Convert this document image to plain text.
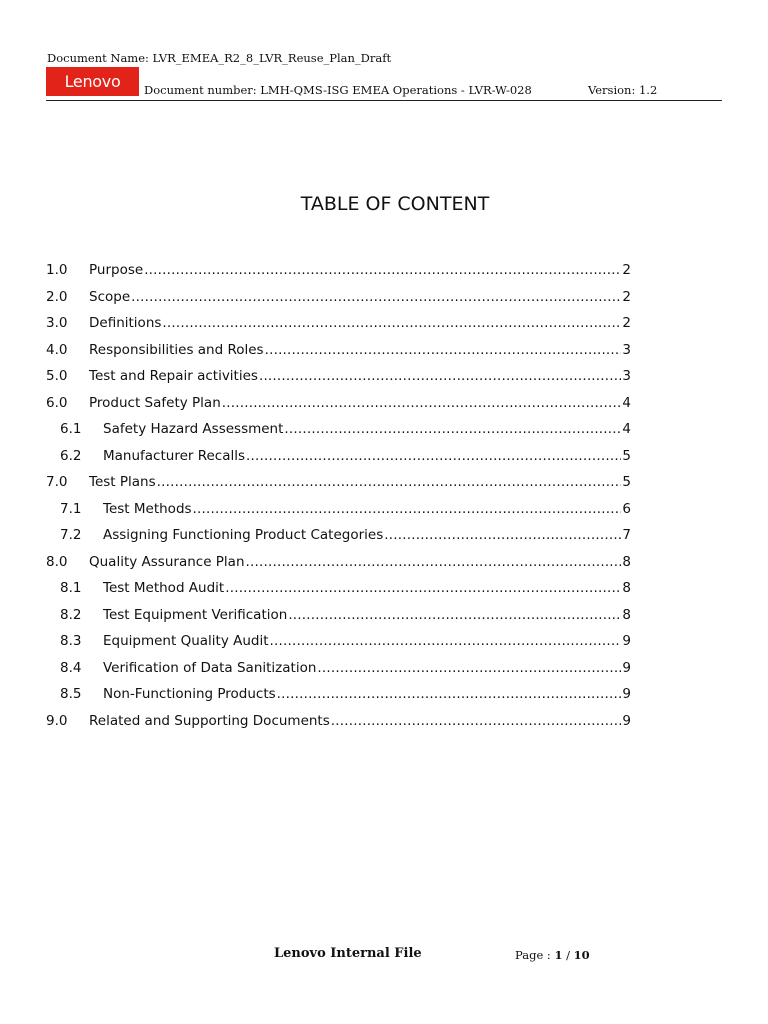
Document Name: LVR_EMEA_R2_8_LVR_Reuse_Plan_Draft
Lenovo Document number: LMH-QMS-ISG EMEA Operations - LVR-W-028	Version: 1.2
TABLE OF CONTENT
1.0	Purpose .....	2
2.0	Scope .....	2
3.0	Definitions .....	2
4.0	Responsibilities and Roles .....	3
5.0	Test and Repair activities .....	3
6.0	Product Safety Plan .....	4
6.1	Safety Hazard Assessment .....	4
6.2	Manufacturer Recalls .....	5
7.0	Test Plans .....	5
7.1	Test Methods .....	6
7.2	Assigning Functioning Product Categories .....	7
8.0	Quality Assurance Plan .....	8
8.1	Test Method Audit .....	8
8.2	Test Equipment Verification .....	8
8.3	Equipment Quality Audit .....	9
8.4	Verification of Data Sanitization .....	9
8.5	Non-Functioning Products .....	9
9.0	Related and Supporting Documents .....	9
Lenovo Internal File	Page : 1 / 10
